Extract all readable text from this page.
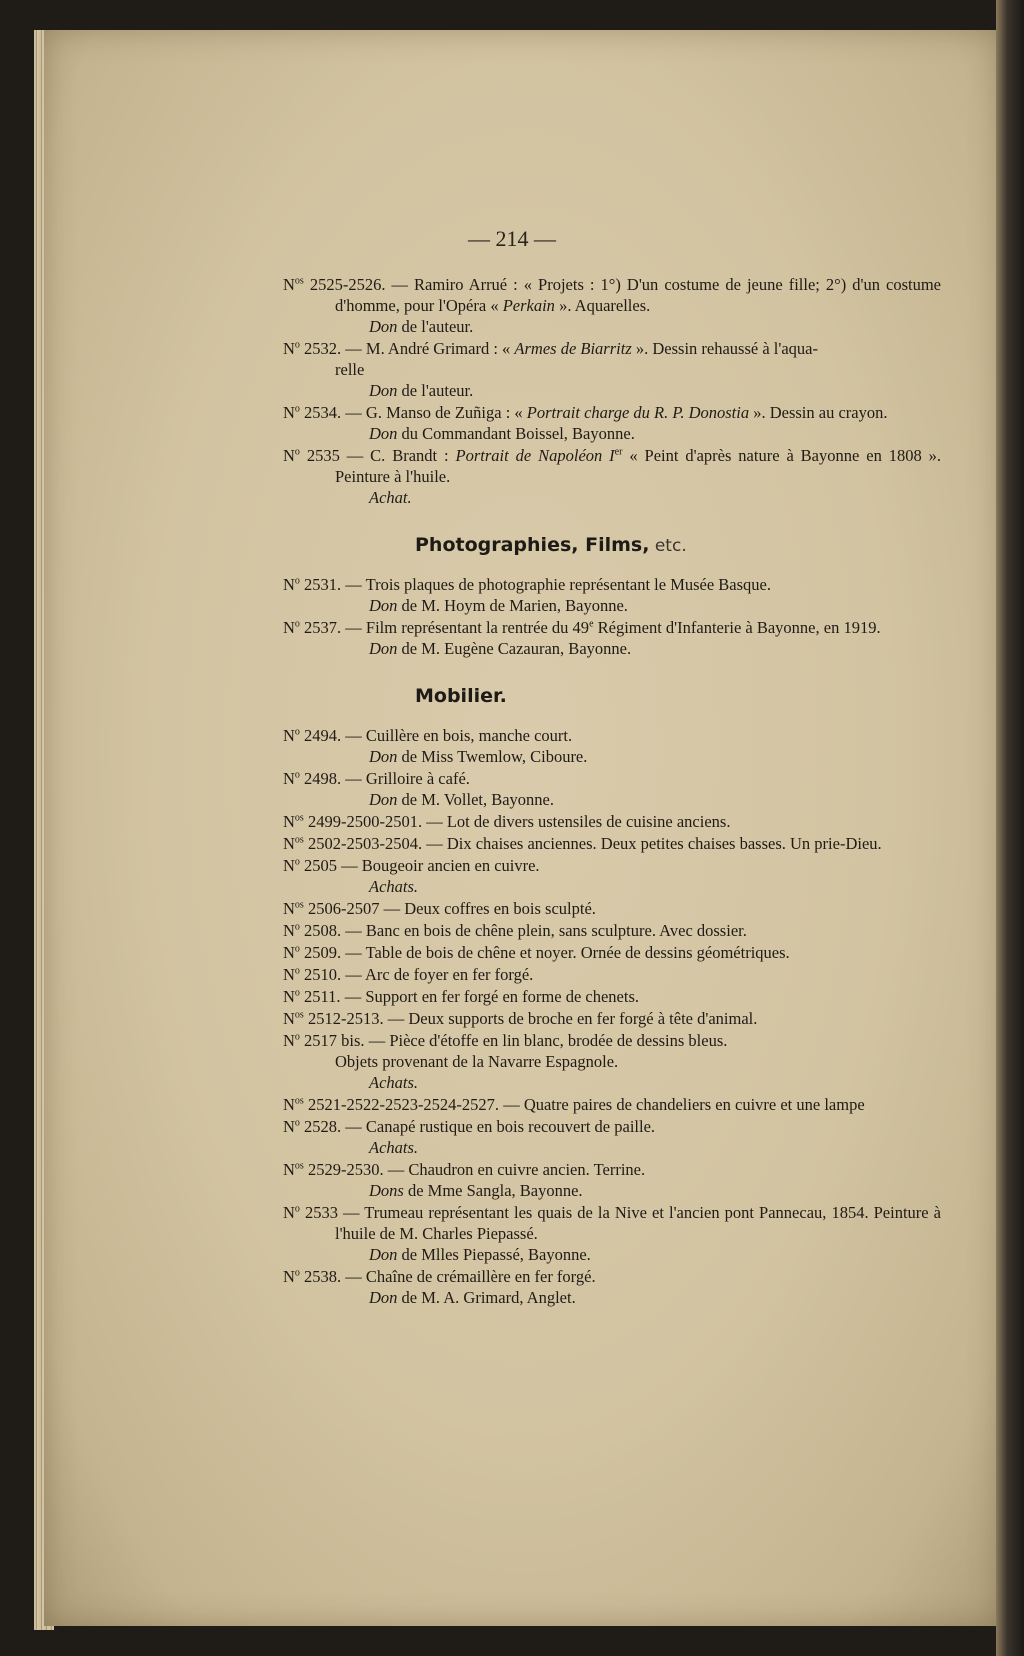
— 214 —
$N^{os}$ 2525-2526. — Ramiro Arrué : « Projets : 1°) D'un costume de jeune fille; 2°) d'un costume d'homme, pour l'Opéra « Perkain ». Aquarelles.
Don de l'auteur.
$N^o$ 2532. — M. André Grimard : « Armes de Biarritz ». Dessin rehaussé à l'aqua-
relle
Don de l'auteur.
$N^o$ 2534. — G. Manso de Zuñiga : « Portrait charge du R. P. Donostia ». Dessin au crayon.
Don du Commandant Boissel, Bayonne.
$N^o$ 2535 — C. Brandt : Portrait de Napoléon Ier « Peint d'après nature à Bayonne en 1808 ». Peinture à l'huile.
Achat.
Photographies, Films, etc.
$N^o$ 2531. — Trois plaques de photographie représentant le Musée Basque.
Don de M. Hoym de Marien, Bayonne.
$N^o$ 2537. — Film représentant la rentrée du 49e Régiment d'Infanterie à Bayonne, en 1919.
Don de M. Eugène Cazauran, Bayonne.
Mobilier.
$N^o$ 2494. — Cuillère en bois, manche court.
Don de Miss Twemlow, Ciboure.
$N^o$ 2498. — Grilloire à café.
Don de M. Vollet, Bayonne.
$N^{os}$ 2499-2500-2501. — Lot de divers ustensiles de cuisine anciens.
$N^{os}$ 2502-2503-2504. — Dix chaises anciennes. Deux petites chaises basses. Un prie-Dieu.
$N^o$ 2505 — Bougeoir ancien en cuivre.
Achats.
$N^{os}$ 2506-2507 — Deux coffres en bois sculpté.
$N^o$ 2508. — Banc en bois de chêne plein, sans sculpture. Avec dossier.
$N^o$ 2509. — Table de bois de chêne et noyer. Ornée de dessins géométriques.
$N^o$ 2510. — Arc de foyer en fer forgé.
$N^o$ 2511. — Support en fer forgé en forme de chenets.
$N^{os}$ 2512-2513. — Deux supports de broche en fer forgé à tête d'animal.
$N^o$ 2517 bis. — Pièce d'étoffe en lin blanc, brodée de dessins bleus.
Objets provenant de la Navarre Espagnole.
Achats.
$N^{os}$ 2521-2522-2523-2524-2527. — Quatre paires de chandeliers en cuivre et une lampe
$N^o$ 2528. — Canapé rustique en bois recouvert de paille.
Achats.
$N^{os}$ 2529-2530. — Chaudron en cuivre ancien. Terrine.
Dons de Mme Sangla, Bayonne.
$N^o$ 2533 — Trumeau représentant les quais de la Nive et l'ancien pont Pannecau, 1854. Peinture à l'huile de M. Charles Piepassé.
Don de Mlles Piepassé, Bayonne.
$N^o$ 2538. — Chaîne de crémaillère en fer forgé.
Don de M. A. Grimard, Anglet.
